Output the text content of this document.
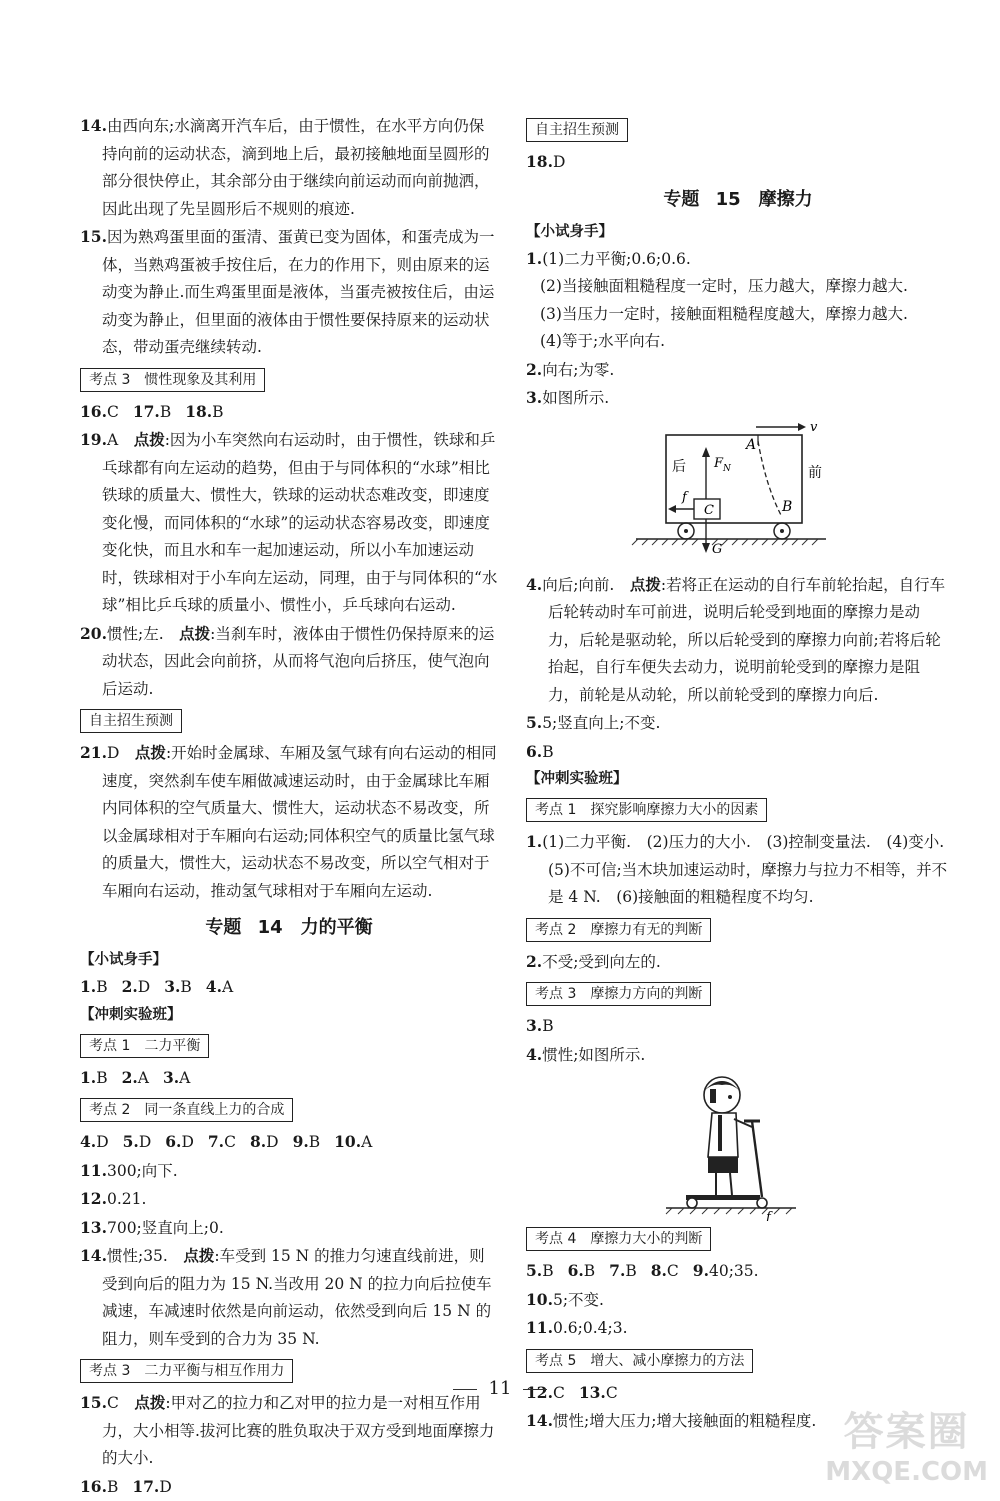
14.由西向东;水滴离开汽车后，由于惯性，在水平方向仍保持向前的运动状态，滴到地上后，最初接触地面呈圆形的部分很快停止，其余部分由于继续向前运动而向前抛洒，因此出现了先呈圆形后不规则的痕迹.

15.因为熟鸡蛋里面的蛋清、蛋黄已变为固体，和蛋壳成为一体，当熟鸡蛋被手按住后，在力的作用下，则由原来的运动变为静止.而生鸡蛋里面是液体，当蛋壳被按住后，由运动变为静止，但里面的液体由于惯性要保持原来的运动状态，带动蛋壳继续转动.

考点 3　惯性现象及其利用

16.C 17.B 18.B

19.A　 点拨:因为小车突然向右运动时，由于惯性，铁球和乒乓球都有向左运动的趋势，但由于与同体积的“水球”相比铁球的质量大、惯性大，铁球的运动状态难改变，即速度变化慢，而同体积的“水球”的运动状态容易改变，即速度变化快，而且水和车一起加速运动，所以小车加速运动时，铁球相对于小车向左运动，同理，由于与同体积的“水球”相比乒乓球的质量小、惯性小，乒乓球向右运动.

20.惯性;左.　 点拨:当刹车时，液体由于惯性仍保持原来的运动状态，因此会向前挤，从而将气泡向后挤压，使气泡向后运动.

自主招生预测

21.D　 点拨:开始时金属球、车厢及氢气球有向右运动的相同速度，突然刹车使车厢做减速运动时，由于金属球比车厢内同体积的空气质量大、惯性大，运动状态不易改变，所以金属球相对于车厢向右运动;同体积空气的质量比氢气球的质量大，惯性大，运动状态不易改变，所以空气相对于车厢向右运动，推动氢气球相对于车厢向左运动.

专题 14　力的平衡

【小试身手】

1.B 2.D 3.B 4.A

【冲刺实验班】

考点 1　二力平衡

1.B 2.A 3.A

考点 2　同一条直线上力的合成

4.D 5.D 6.D 7.C 8.D 9.B 10.A

11.300;向下.

12.0.21.

13.700;竖直向上;0.

14.惯性;35.　 点拨:车受到 15 N 的推力匀速直线前进，则受到向后的阻力为 15 N.当改用 20 N 的拉力向后拉使车减速，车减速时依然是向前运动，依然受到向后 15 N 的阻力，则车受到的合力为 35 N.

考点 3　二力平衡与相互作用力

15.C　 点拨:甲对乙的拉力和乙对甲的拉力是一对相互作用力，大小相等.拔河比赛的胜负取决于双方受到地面摩擦力的大小.

16.B 17.D

自主招生预测

18.D

专题 15　摩擦力

【小试身手】

1.(1)二力平衡;0.6;0.6.

(2)当接触面粗糙程度一定时，压力越大，摩擦力越大.

(3)当压力一定时，接触面粗糙程度越大，摩擦力越大.

(4)等于;水平向右.

2.向右;为零.

3.如图所示.

v
A
B
C
F N
G
f
后	前

4.向后;向前.　 点拨:若将正在运动的自行车前轮抬起，自行车后轮转动时车可前进，说明后轮受到地面的摩擦力是动力，后轮是驱动轮，所以后轮受到的摩擦力向前;若将后轮抬起，自行车便失去动力，说明前轮受到的摩擦力是阻力，前轮是从动轮，所以前轮受到的摩擦力向后.

5.5;竖直向上;不变.

6.B

【冲刺实验班】

考点 1　探究影响摩擦力大小的因素

1.(1)二力平衡.　(2)压力的大小.　(3)控制变量法.　(4)变小.　(5)不可信;当木块加速运动时，摩擦力与拉力不相等，并不是 4 N.　(6)接触面的粗糙程度不均匀.

考点 2　摩擦力有无的判断

2.不受;受到向左的.

考点 3　摩擦力方向的判断

3.B

4.惯性;如图所示.

f
考点 4　摩擦力大小的判断

5.B 6.B 7.B 8.C 9.40;35.

10.5;不变.

11.0.6;0.4;3.

考点 5　增大、减小摩擦力的方法

12.C 13.C

14.惯性;增大压力;增大接触面的粗糙程度.

11
答案圈
MXQE.COM
